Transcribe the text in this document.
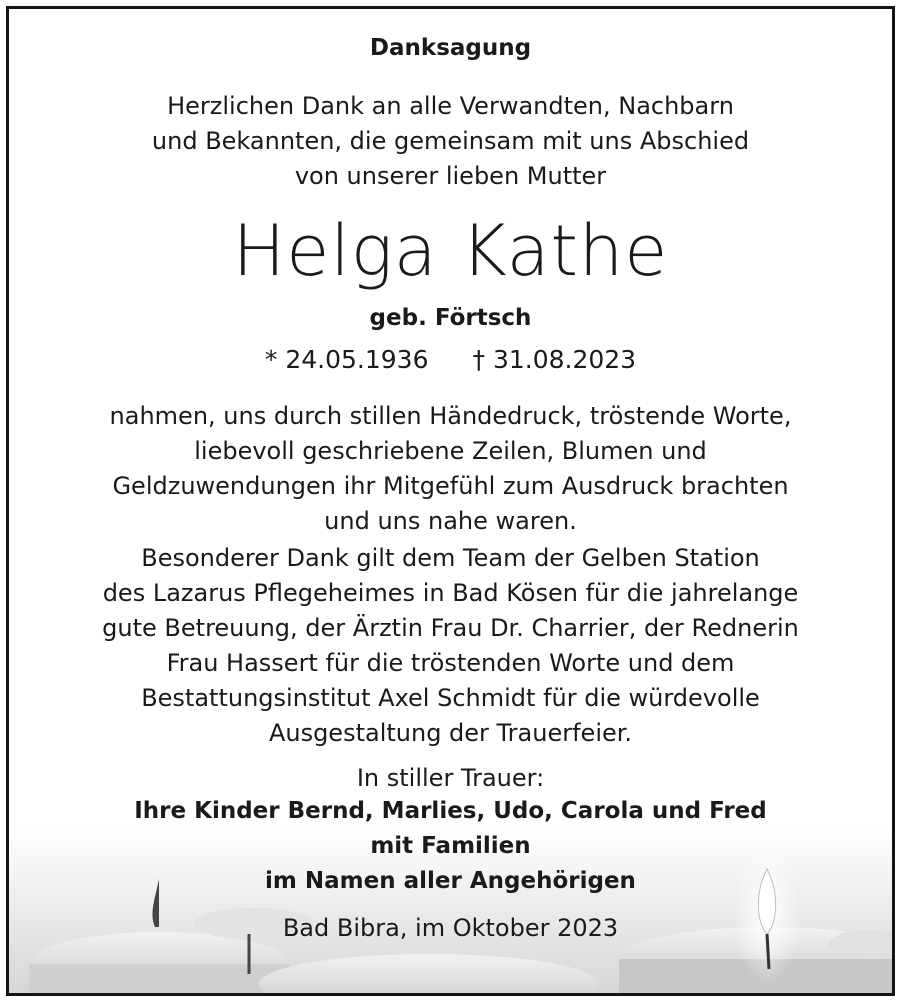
Danksagung
Herzlichen Dank an alle Verwandten, Nachbarn
und Bekannten, die gemeinsam mit uns Abschied
von unserer lieben Mutter
Helga Kathe
geb. Förtsch
* 24.05.1936 † 31.08.2023
nahmen, uns durch stillen Händedruck, tröstende Worte,
liebevoll geschriebene Zeilen, Blumen und
Geldzuwendungen ihr Mitgefühl zum Ausdruck brachten
und uns nahe waren.
Besonderer Dank gilt dem Team der Gelben Station
des Lazarus Pflegeheimes in Bad Kösen für die jahrelange
gute Betreuung, der Ärztin Frau Dr. Charrier, der Rednerin
Frau Hassert für die tröstenden Worte und dem
Bestattungsinstitut Axel Schmidt für die würdevolle
Ausgestaltung der Trauerfeier.
In stiller Trauer:
Ihre Kinder Bernd, Marlies, Udo, Carola und Fred
mit Familien
im Namen aller Angehörigen
Bad Bibra, im Oktober 2023
